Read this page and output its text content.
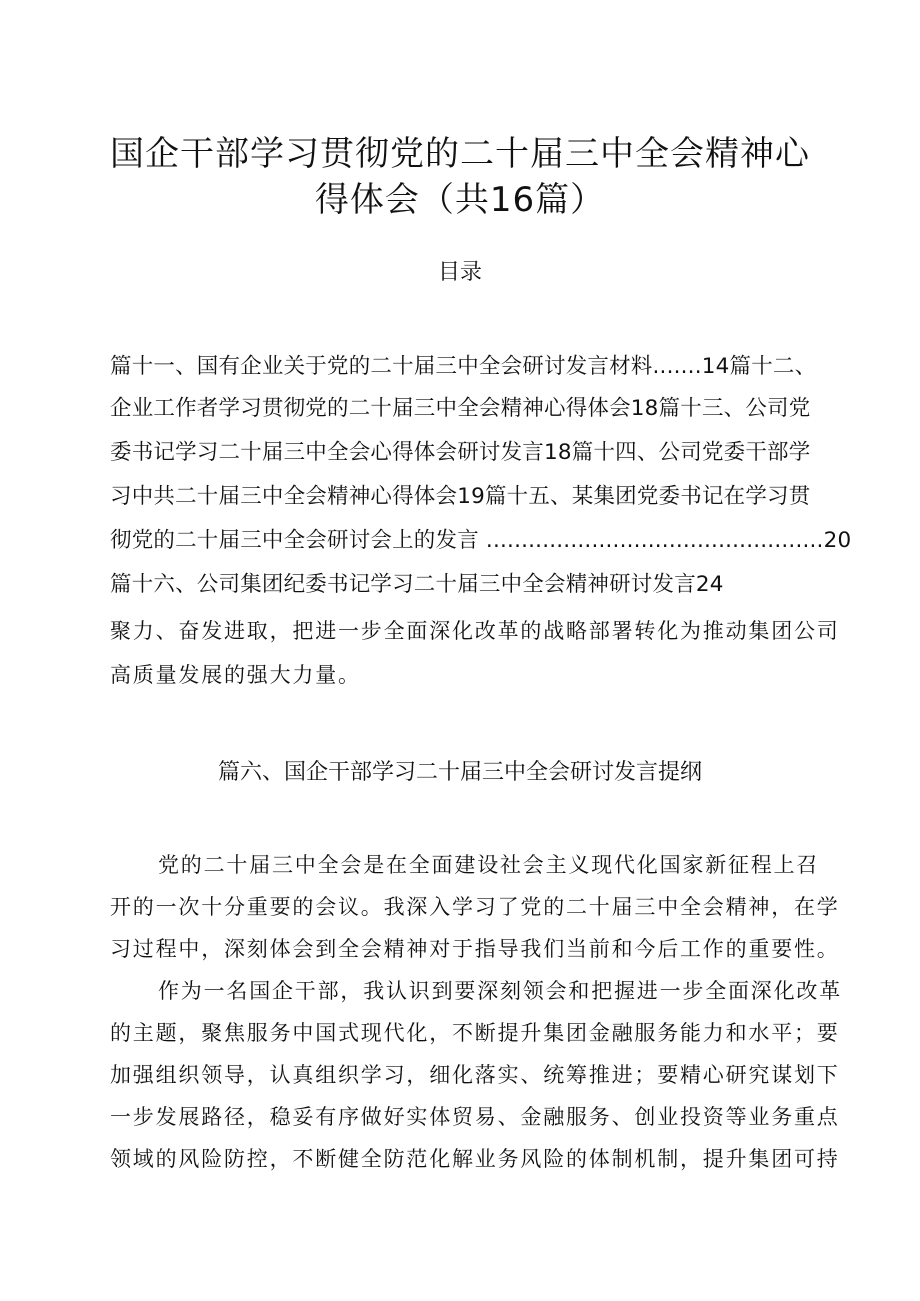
国企干部学习贯彻党的二十届三中全会精神心
得体会（共16篇）
目录
篇十一、国有企业关于党的二十届三中全会研讨发言材料.......14篇十二、
企业工作者学习贯彻党的二十届三中全会精神心得体会18篇十三、公司党
委书记学习二十届三中全会心得体会研讨发言18篇十四、公司党委干部学
习中共二十届三中全会精神心得体会19篇十五、某集团党委书记在学习贯
彻党的二十届三中全会研讨会上的发言 ................................................20
篇十六、公司集团纪委书记学习二十届三中全会精神研讨发言24
聚力、奋发进取，把进一步全面深化改革的战略部署转化为推动集团公司
高质量发展的强大力量。
篇六、国企干部学习二十届三中全会研讨发言提纲
党的二十届三中全会是在全面建设社会主义现代化国家新征程上召
开的一次十分重要的会议。我深入学习了党的二十届三中全会精神，在学
习过程中，深刻体会到全会精神对于指导我们当前和今后工作的重要性。
作为一名国企干部，我认识到要深刻领会和把握进一步全面深化改革
的主题，聚焦服务中国式现代化，不断提升集团金融服务能力和水平；要
加强组织领导，认真组织学习，细化落实、统筹推进；要精心研究谋划下
一步发展路径，稳妥有序做好实体贸易、金融服务、创业投资等业务重点
领域的风险防控，不断健全防范化解业务风险的体制机制，提升集团可持
